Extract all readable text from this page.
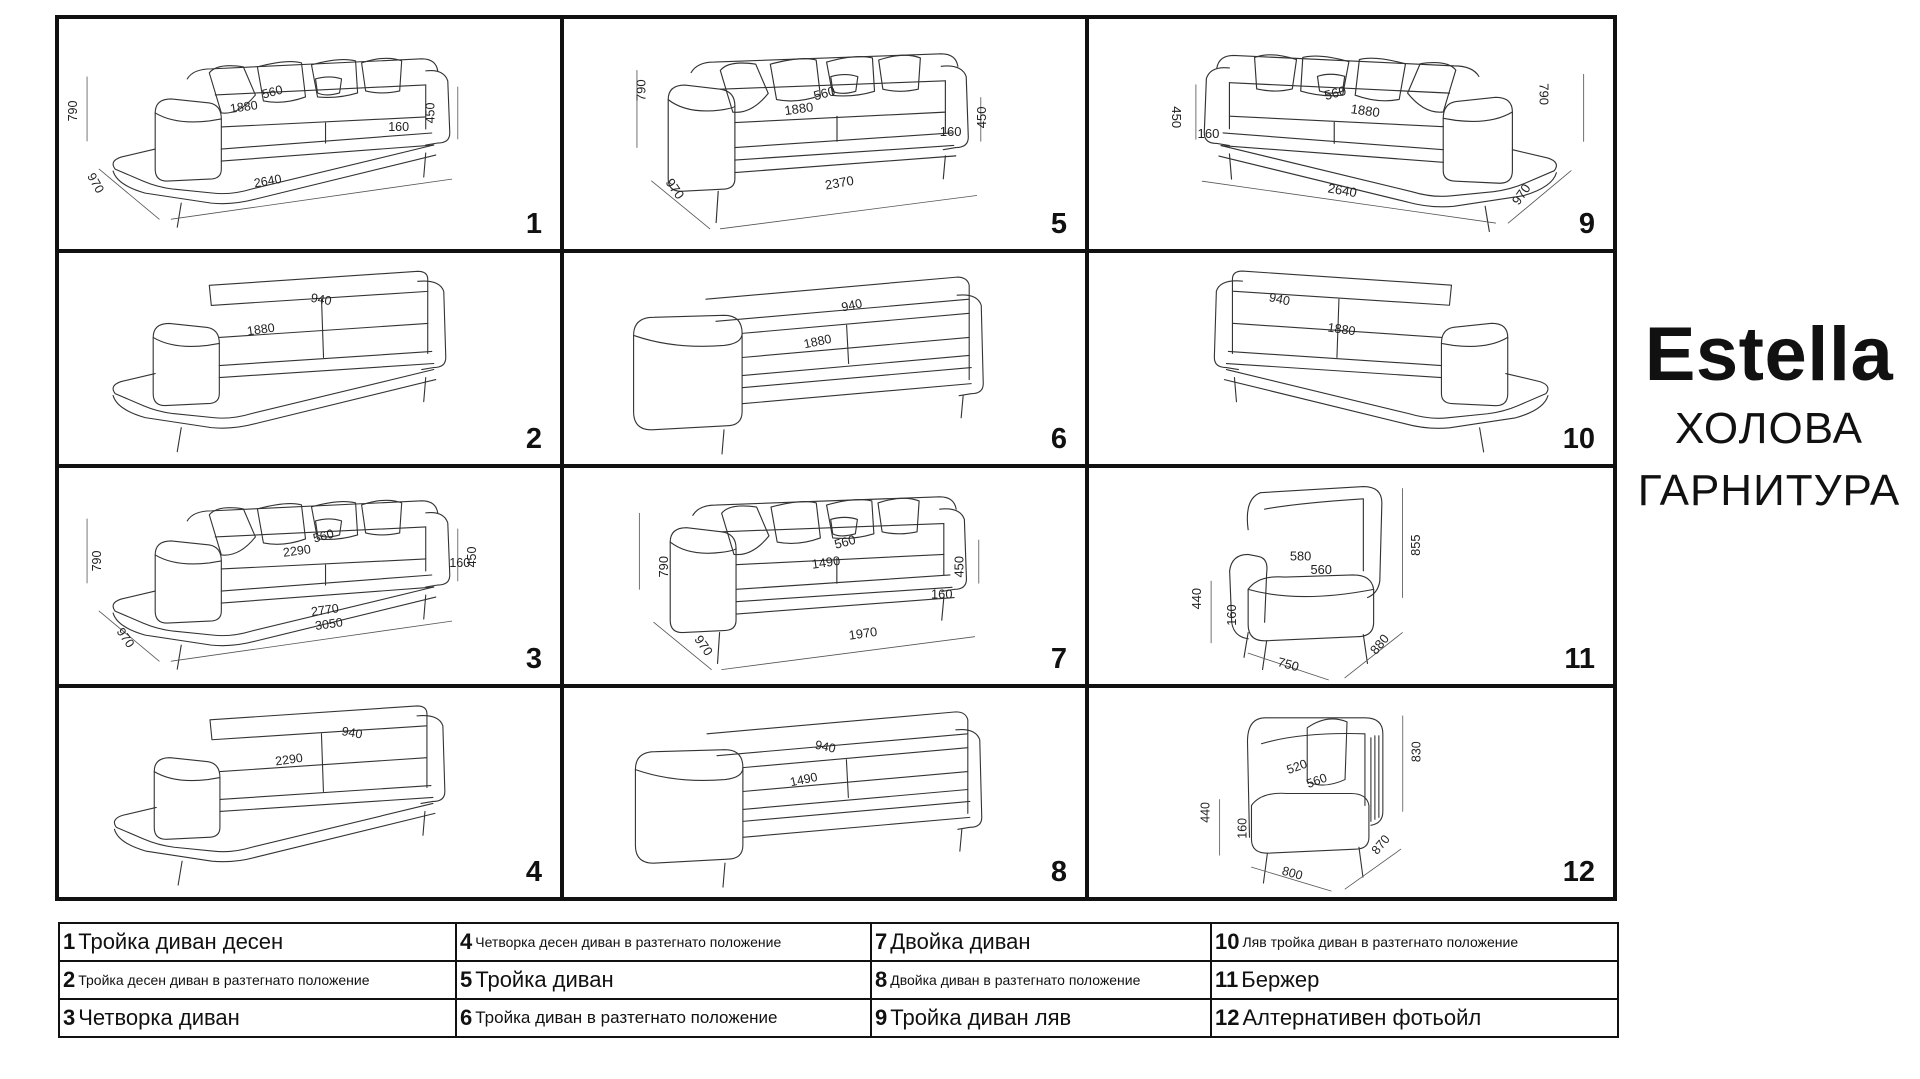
790	1880
560
450
160
2640
970
1
790
1880
560
450
160
2370
970
5
450
160
560
1880
790
2640	970
9
940
1880
2
940
1880
6
940
1880
10
790	2290
560
160
450
2770
3050
970
3
790
560
1490	450
160
970	1970
7
580
560
855
440
160
750
880	11
940
2290
4
940
1490
8
520
560
830
440
160
800
870
12
Estella
ХОЛОВА
ГАРНИТУРА
1 Тройка диван десен	4 Четворка десен диван в разтегнато положение	7 Двойка диван	10 Ляв тройка диван в разтегнато положение

2 Тройка десен диван в разтегнато положение	5 Тройка диван	8 Двойка диван в разтегнато положение	11 Бержер
3 Четворка диван	6 Тройка диван в разтегнато положение	9 Тройка диван ляв	12 Алтернативен фотьойл
